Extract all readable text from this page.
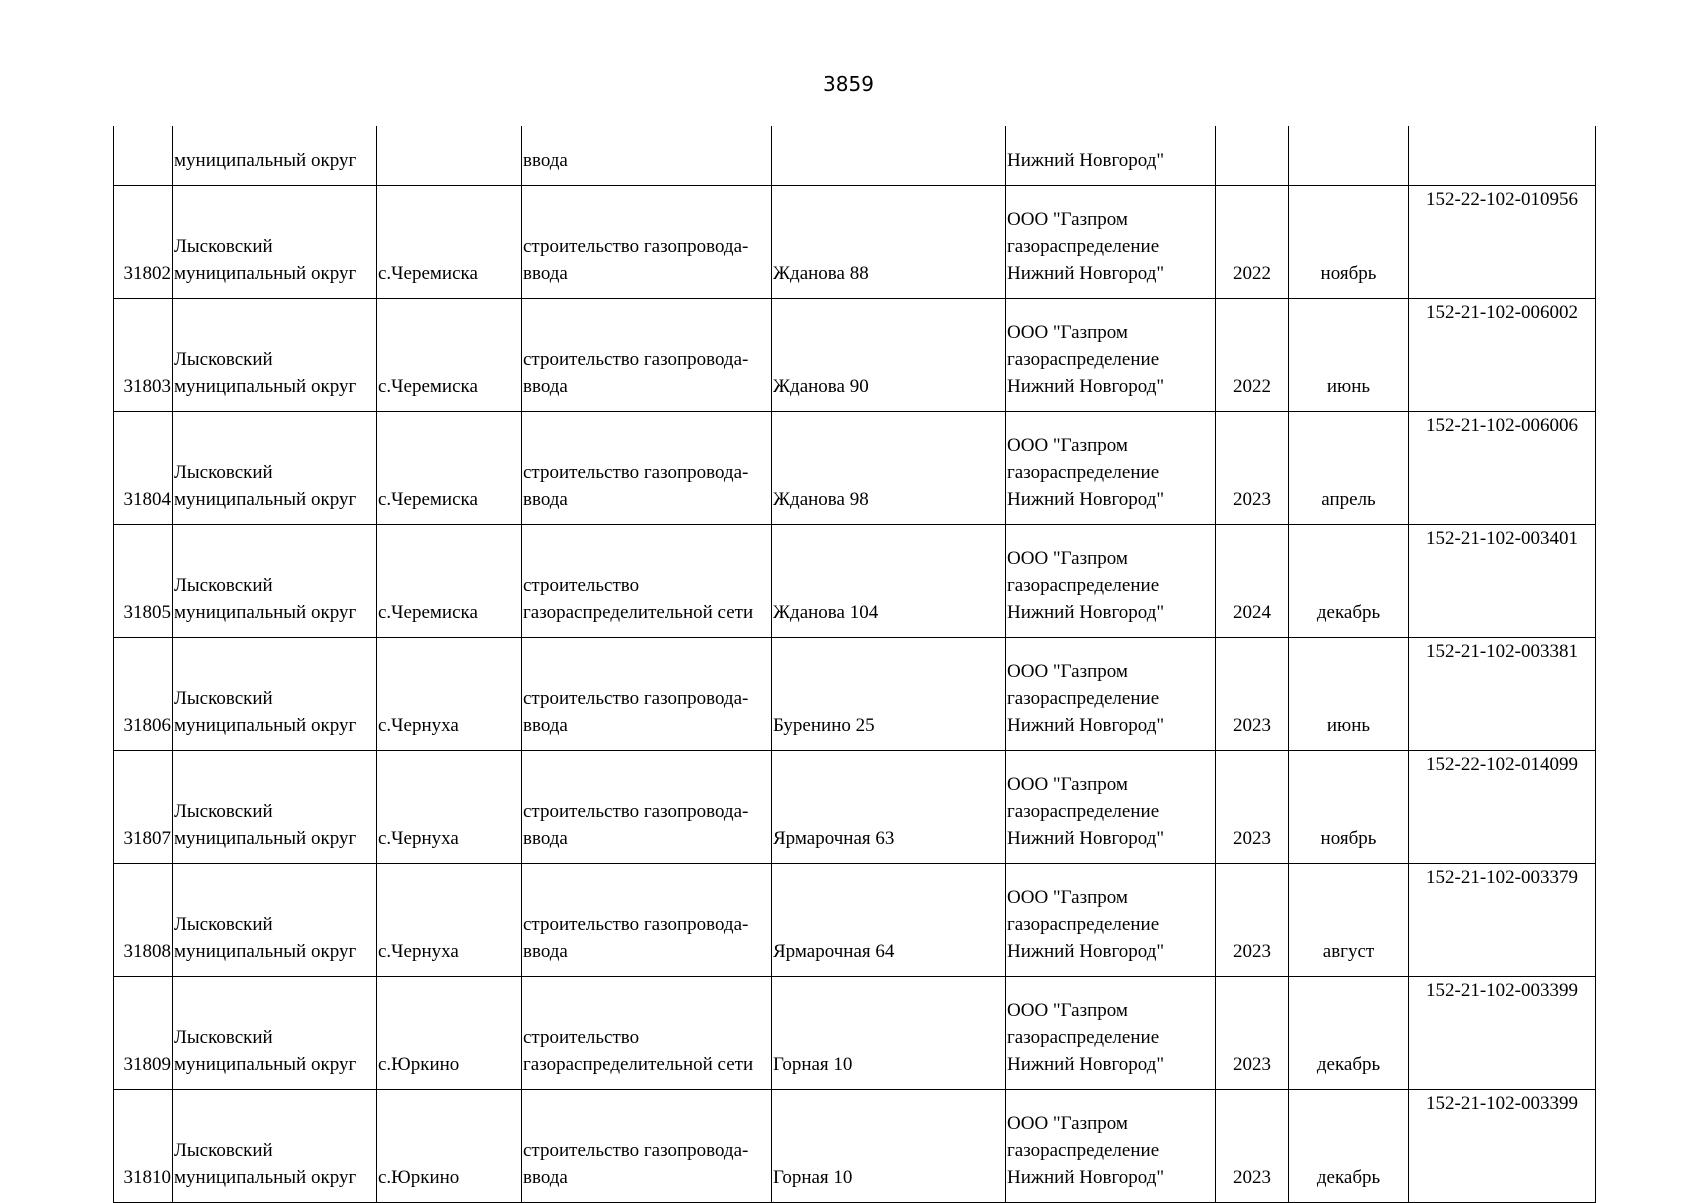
3859
	муниципальный округ		ввода		Нижний Новгород"			
31802	Лысковский
муниципальный округ	с.Черемиска	строительство газопровода-
ввода	Жданова 88	ООО "Газпром
газораспределение
Нижний Новгород"	2022	ноябрь	152-22-102-010956
31803	Лысковский
муниципальный округ	с.Черемиска	строительство газопровода-
ввода	Жданова 90	ООО "Газпром
газораспределение
Нижний Новгород"	2022	июнь	152-21-102-006002
31804	Лысковский
муниципальный округ	с.Черемиска	строительство газопровода-
ввода	Жданова 98	ООО "Газпром
газораспределение
Нижний Новгород"	2023	апрель	152-21-102-006006
31805	Лысковский
муниципальный округ	с.Черемиска	строительство
газораспределительной сети	Жданова 104	ООО "Газпром
газораспределение
Нижний Новгород"	2024	декабрь	152-21-102-003401
31806	Лысковский
муниципальный округ	с.Чернуха	строительство газопровода-
ввода	Буренино 25	ООО "Газпром
газораспределение
Нижний Новгород"	2023	июнь	152-21-102-003381
31807	Лысковский
муниципальный округ	с.Чернуха	строительство газопровода-
ввода	Ярмарочная 63	ООО "Газпром
газораспределение
Нижний Новгород"	2023	ноябрь	152-22-102-014099
31808	Лысковский
муниципальный округ	с.Чернуха	строительство газопровода-
ввода	Ярмарочная 64	ООО "Газпром
газораспределение
Нижний Новгород"	2023	август	152-21-102-003379
31809	Лысковский
муниципальный округ	с.Юркино	строительство
газораспределительной сети	Горная 10	ООО "Газпром
газораспределение
Нижний Новгород"	2023	декабрь	152-21-102-003399
31810	Лысковский
муниципальный округ	с.Юркино	строительство газопровода-
ввода	Горная 10	ООО "Газпром
газораспределение
Нижний Новгород"	2023	декабрь	152-21-102-003399
